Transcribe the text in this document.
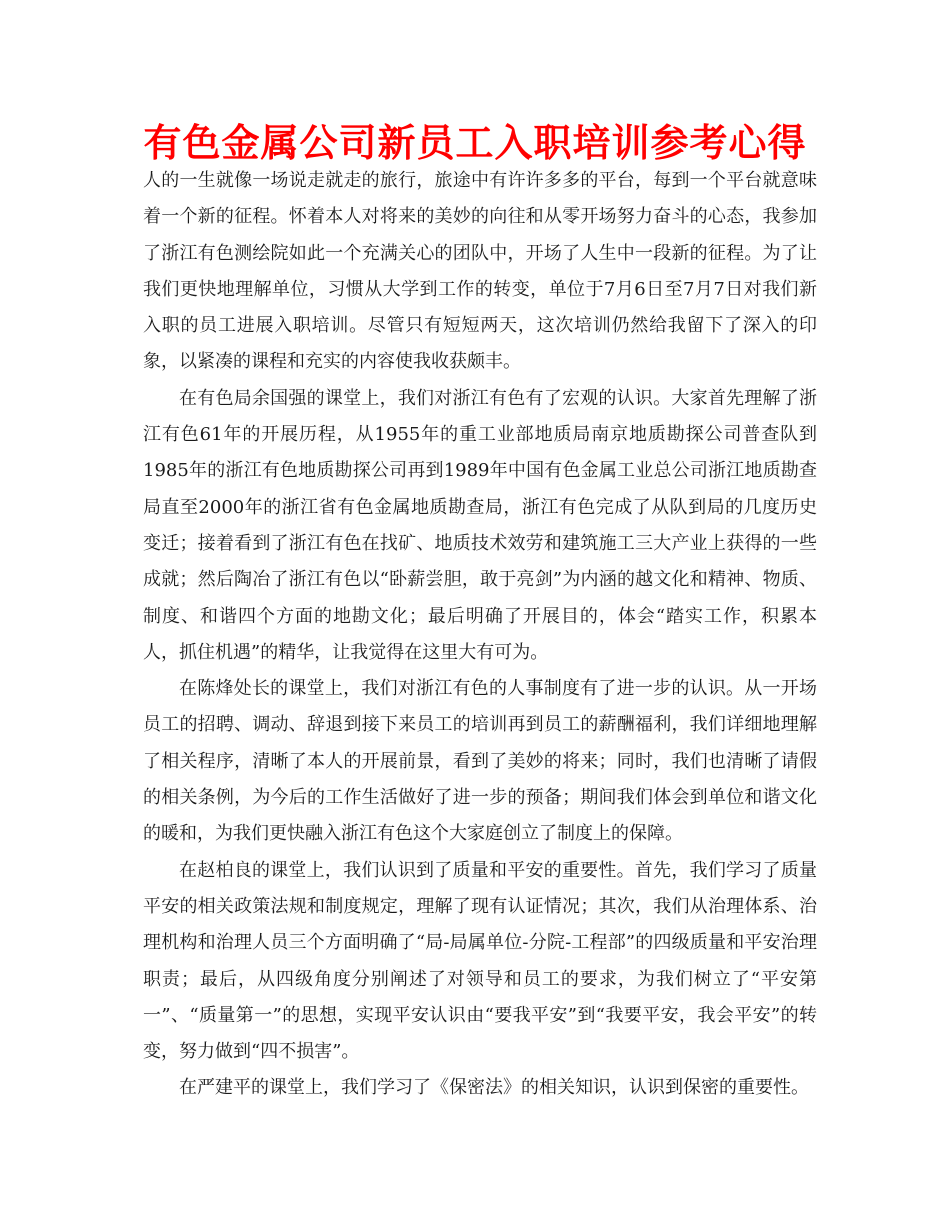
有色金属公司新员工入职培训参考心得

人的一生就像一场说走就走的旅行，旅途中有许许多多的平台，每到一个平台就意味着一个新的征程。怀着本人对将来的美妙的向往和从零开场努力奋斗的心态，我参加了浙江有色测绘院如此一个充满关心的团队中，开场了人生中一段新的征程。为了让我们更快地理解单位，习惯从大学到工作的转变，单位于7月6日至7月7日对我们新入职的员工进展入职培训。尽管只有短短两天，这次培训仍然给我留下了深入的印象，以紧凑的课程和充实的内容使我收获颇丰。

在有色局余国强的课堂上，我们对浙江有色有了宏观的认识。大家首先理解了浙江有色61年的开展历程，从1955年的重工业部地质局南京地质勘探公司普查队到1985年的浙江有色地质勘探公司再到1989年中国有色金属工业总公司浙江地质勘查局直至2000年的浙江省有色金属地质勘查局，浙江有色完成了从队到局的几度历史变迁；接着看到了浙江有色在找矿、地质技术效劳和建筑施工三大产业上获得的一些成就；然后陶冶了浙江有色以“卧薪尝胆，敢于亮剑”为内涵的越文化和精神、物质、制度、和谐四个方面的地勘文化；最后明确了开展目的，体会“踏实工作，积累本人，抓住机遇”的精华，让我觉得在这里大有可为。

在陈烽处长的课堂上，我们对浙江有色的人事制度有了进一步的认识。从一开场员工的招聘、调动、辞退到接下来员工的培训再到员工的薪酬福利，我们详细地理解了相关程序，清晰了本人的开展前景，看到了美妙的将来；同时，我们也清晰了请假的相关条例，为今后的工作生活做好了进一步的预备；期间我们体会到单位和谐文化的暖和，为我们更快融入浙江有色这个大家庭创立了制度上的保障。

在赵柏良的课堂上，我们认识到了质量和平安的重要性。首先，我们学习了质量平安的相关政策法规和制度规定，理解了现有认证情况；其次，我们从治理体系、治理机构和治理人员三个方面明确了“局-局属单位-分院-工程部”的四级质量和平安治理职责；最后，从四级角度分别阐述了对领导和员工的要求，为我们树立了“平安第一”、“质量第一”的思想，实现平安认识由“要我平安”到“我要平安，我会平安”的转变，努力做到“四不损害”。

在严建平的课堂上，我们学习了《保密法》的相关知识，认识到保密的重要性。
